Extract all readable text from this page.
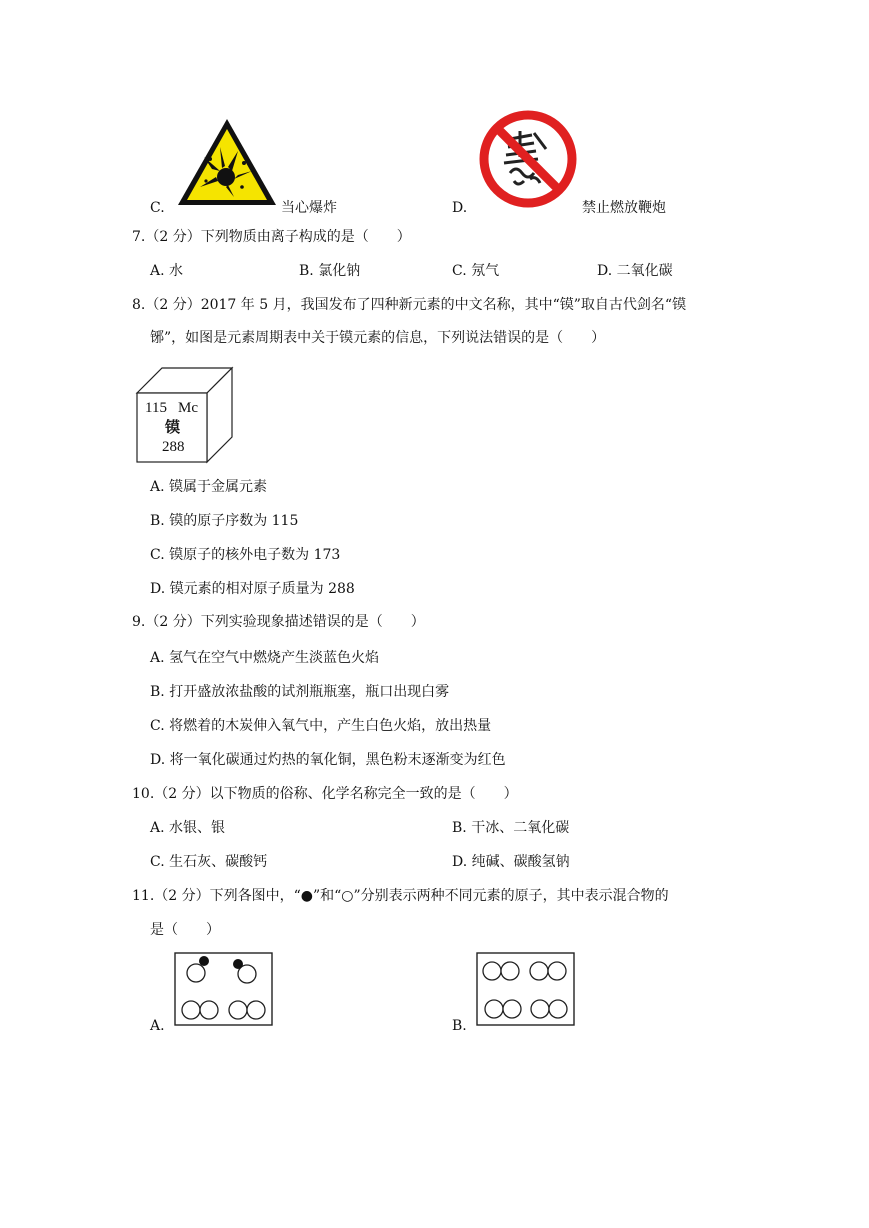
C.	当心爆炸	D.	禁止燃放鞭炮
7.（2 分）下列物质由离子构成的是（　　）
A. 水	B. 氯化钠	C. 氖气	D. 二氧化碳
8.（2 分）2017 年 5 月，我国发布了四种新元素的中文名称，其中“镆”取自古代剑名“镆
铘”，如图是元素周期表中关于镆元素的信息，下列说法错误的是（　　）
115 Mc
镆
288
A. 镆属于金属元素
B. 镆的原子序数为 115
C. 镆原子的核外电子数为 173
D. 镆元素的相对原子质量为 288
9.（2 分）下列实验现象描述错误的是（　　）
A. 氢气在空气中燃烧产生淡蓝色火焰
B. 打开盛放浓盐酸的试剂瓶瓶塞，瓶口出现白雾
C. 将燃着的木炭伸入氧气中，产生白色火焰，放出热量
D. 将一氧化碳通过灼热的氧化铜，黑色粉末逐渐变为红色
10.（2 分）以下物质的俗称、化学名称完全一致的是（　　）
A. 水银、银	B. 干冰、二氧化碳
C. 生石灰、碳酸钙	D. 纯碱、碳酸氢钠
11.（2 分）下列各图中，“●”和“○”分别表示两种不同元素的原子，其中表示混合物的
是（　　）
A.	B.
